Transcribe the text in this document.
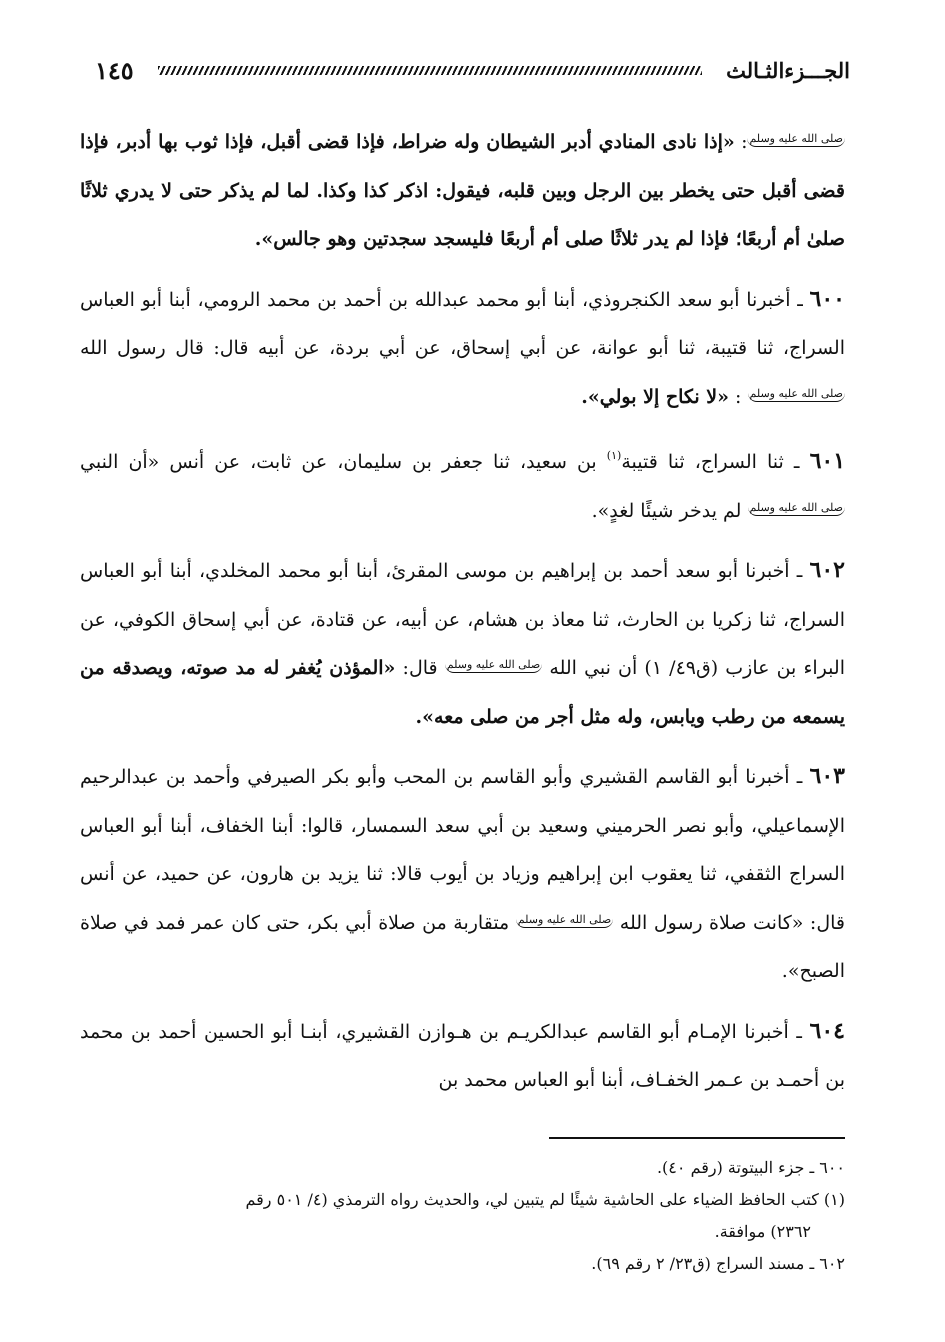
الجـــزءالثـالث
١٤٥

صلى الله عليه وسلم: «إذا نادى المنادي أدبر الشيطان وله ضراط، فإذا قضى أقبل، فإذا ثوب بها أدبر، فإذا قضى أقبل حتى يخطر بين الرجل وبين قلبه، فيقول: اذكر كذا وكذا. لما لم يذكر حتى لا يدري ثلاثًا صلىٰ أم أربعًا؛ فإذا لم يدر ثلاثًا صلى أم أربعًا فليسجد سجدتين وهو جالس».

٦٠٠ ـ أخبرنا أبو سعد الكنجروذي، أبنا أبو محمد عبدالله بن أحمد بن محمد الرومي، أبنا أبو العباس السراج، ثنا قتيبة، ثنا أبو عوانة، عن أبي إسحاق، عن أبي بردة، عن أبيه قال: قال رسول الله صلى الله عليه وسلم : «لا نكاح إلا بولي».

٦٠١ ـ ثنا السراج، ثنا قتيبة$^{(١)}$ بن سعيد، ثنا جعفر بن سليمان، عن ثابت، عن أنس «أن النبي صلى الله عليه وسلم لم يدخر شيئًا لغدٍ».

٦٠٢ ـ أخبرنا أبو سعد أحمد بن إبراهيم بن موسى المقرئ، أبنا أبو محمد المخلدي، أبنا أبو العباس السراج، ثنا زكريا بن الحارث، ثنا معاذ بن هشام، عن أبيه، عن قتادة، عن أبي إسحاق الكوفي، عن البراء بن عازب (ق٤٩/ ١) أن نبي الله صلى الله عليه وسلم قال: «المؤذن يُغفر له مد صوته، ويصدقه من يسمعه من رطب ويابس، وله مثل أجر من صلى معه».

٦٠٣ ـ أخبرنا أبو القاسم القشيري وأبو القاسم بن المحب وأبو بكر الصيرفي وأحمد بن عبدالرحيم الإسماعيلي، وأبو نصر الحرميني وسعيد بن أبي سعد السمسار، قالوا: أبنا الخفاف، أبنا أبو العباس السراج الثقفي، ثنا يعقوب ابن إبراهيم وزياد بن أيوب قالا: ثنا يزيد بن هارون، عن حميد، عن أنس قال: «كانت صلاة رسول الله صلى الله عليه وسلم متقاربة من صلاة أبي بكر، حتى كان عمر فمد في صلاة الصبح».

٦٠٤ ـ أخبرنا الإمـام أبو القاسم عبدالكريـم بن هـوازن القشيري، أبنـا أبو الحسين أحمد بن محمد بن أحمـد بن عـمر الخفـاف، أبنا أبو العباس محمد بن

٦٠٠ ـ جزء البيتوتة (رقم ٤٠).

(١) كتب الحافظ الضياء على الحاشية شيئًا لم يتبين لي، والحديث رواه الترمذي (٤/ ٥٠١ رقم

٢٣٦٢) موافقة.

٦٠٢ ـ مسند السراج (ق٢٣/ ٢ رقم ٦٩).
